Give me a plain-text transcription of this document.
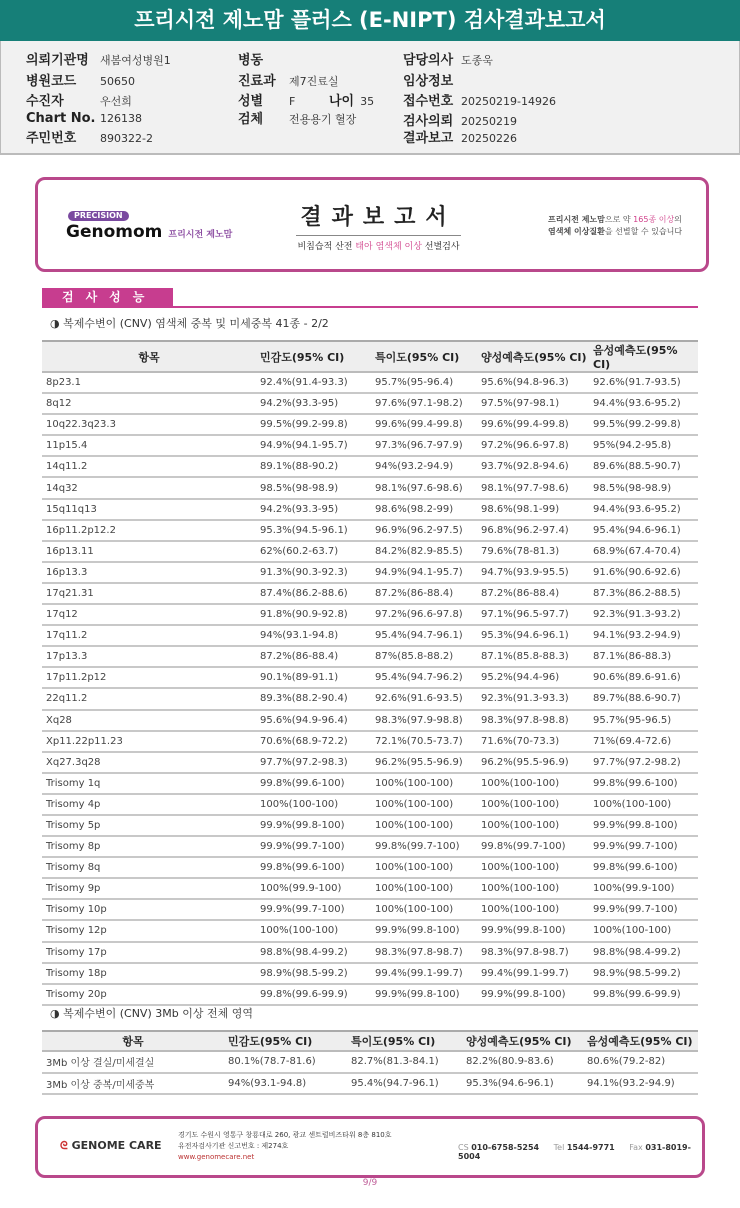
프리시전 제노맘 플러스 (E-NIPT) 검사결과보고서
의뢰기관명 새봄여성병원1
병원코드 50650
수진자	우선희
Chart No. 126138
주민번호 890322-2
병동
진료과 제7진료실
성별 F	나이 35
검체 전용용기 혈장
담당의사 도종욱
임상정보
접수번호 20250219-14926
검사의뢰 20250219
결과보고 20250226
PRECISION
Genomom 프리시전 제노맘
결과보고서
비침습적 산전 태아 염색체 이상 선별검사
프리시전 제노맘으로 약 165종 이상의
염색체 이상질환을 선별할 수 있습니다
검사성능
◑ 복제수변이 (CNV) 염색체 중복 및 미세중복 41종 - 2/2
항목	민감도(95% CI)	특이도(95% CI)	양성예측도(95% CI)	음성예측도(95% CI)
8p23.1	92.4%(91.4-93.3)	95.7%(95-96.4)	95.6%(94.8-96.3)	92.6%(91.7-93.5)
8q12	94.2%(93.3-95)	97.6%(97.1-98.2)	97.5%(97-98.1)	94.4%(93.6-95.2)
10q22.3q23.3	99.5%(99.2-99.8)	99.6%(99.4-99.8)	99.6%(99.4-99.8)	99.5%(99.2-99.8)
11p15.4	94.9%(94.1-95.7)	97.3%(96.7-97.9)	97.2%(96.6-97.8)	95%(94.2-95.8)
14q11.2	89.1%(88-90.2)	94%(93.2-94.9)	93.7%(92.8-94.6)	89.6%(88.5-90.7)
14q32	98.5%(98-98.9)	98.1%(97.6-98.6)	98.1%(97.7-98.6)	98.5%(98-98.9)
15q11q13	94.2%(93.3-95)	98.6%(98.2-99)	98.6%(98.1-99)	94.4%(93.6-95.2)
16p11.2p12.2	95.3%(94.5-96.1)	96.9%(96.2-97.5)	96.8%(96.2-97.4)	95.4%(94.6-96.1)
16p13.11	62%(60.2-63.7)	84.2%(82.9-85.5)	79.6%(78-81.3)	68.9%(67.4-70.4)
16p13.3	91.3%(90.3-92.3)	94.9%(94.1-95.7)	94.7%(93.9-95.5)	91.6%(90.6-92.6)
17q21.31	87.4%(86.2-88.6)	87.2%(86-88.4)	87.2%(86-88.4)	87.3%(86.2-88.5)
17q12	91.8%(90.9-92.8)	97.2%(96.6-97.8)	97.1%(96.5-97.7)	92.3%(91.3-93.2)
17q11.2	94%(93.1-94.8)	95.4%(94.7-96.1)	95.3%(94.6-96.1)	94.1%(93.2-94.9)
17p13.3	87.2%(86-88.4)	87%(85.8-88.2)	87.1%(85.8-88.3)	87.1%(86-88.3)
17p11.2p12	90.1%(89-91.1)	95.4%(94.7-96.2)	95.2%(94.4-96)	90.6%(89.6-91.6)
22q11.2	89.3%(88.2-90.4)	92.6%(91.6-93.5)	92.3%(91.3-93.3)	89.7%(88.6-90.7)
Xq28	95.6%(94.9-96.4)	98.3%(97.9-98.8)	98.3%(97.8-98.8)	95.7%(95-96.5)
Xp11.22p11.23	70.6%(68.9-72.2)	72.1%(70.5-73.7)	71.6%(70-73.3)	71%(69.4-72.6)
Xq27.3q28	97.7%(97.2-98.3)	96.2%(95.5-96.9)	96.2%(95.5-96.9)	97.7%(97.2-98.2)
Trisomy 1q	99.8%(99.6-100)	100%(100-100)	100%(100-100)	99.8%(99.6-100)
Trisomy 4p	100%(100-100)	100%(100-100)	100%(100-100)	100%(100-100)
Trisomy 5p	99.9%(99.8-100)	100%(100-100)	100%(100-100)	99.9%(99.8-100)
Trisomy 8p	99.9%(99.7-100)	99.8%(99.7-100)	99.8%(99.7-100)	99.9%(99.7-100)
Trisomy 8q	99.8%(99.6-100)	100%(100-100)	100%(100-100)	99.8%(99.6-100)
Trisomy 9p	100%(99.9-100)	100%(100-100)	100%(100-100)	100%(99.9-100)
Trisomy 10p	99.9%(99.7-100)	100%(100-100)	100%(100-100)	99.9%(99.7-100)
Trisomy 12p	100%(100-100)	99.9%(99.8-100)	99.9%(99.8-100)	100%(100-100)
Trisomy 17p	98.8%(98.4-99.2)	98.3%(97.8-98.7)	98.3%(97.8-98.7)	98.8%(98.4-99.2)
Trisomy 18p	98.9%(98.5-99.2)	99.4%(99.1-99.7)	99.4%(99.1-99.7)	98.9%(98.5-99.2)
Trisomy 20p	99.8%(99.6-99.9)	99.9%(99.8-100)	99.9%(99.8-100)	99.8%(99.6-99.9)
◑ 복제수변이 (CNV) 3Mb 이상 전체 영역
항목	민감도(95% CI)	특이도(95% CI)	양성예측도(95% CI)	음성예측도(95% CI)
3Mb 이상 결실/미세결실	80.1%(78.7-81.6)	82.7%(81.3-84.1)	82.2%(80.9-83.6)	80.6%(79.2-82)
3Mb 이상 중복/미세중복	94%(93.1-94.8)	95.4%(94.7-96.1)	95.3%(94.6-96.1)	94.1%(93.2-94.9)
ᘓ GENOME CARE
경기도 수원시 영통구 창룡대로 260, 광교 센트럴비즈타워 8층 810호
유전자검사기관 신고번호 : 제274호
www.genomecare.net
CS 010-6758-5254 Tel 1544-9771 Fax 031-8019-5004
9/9
